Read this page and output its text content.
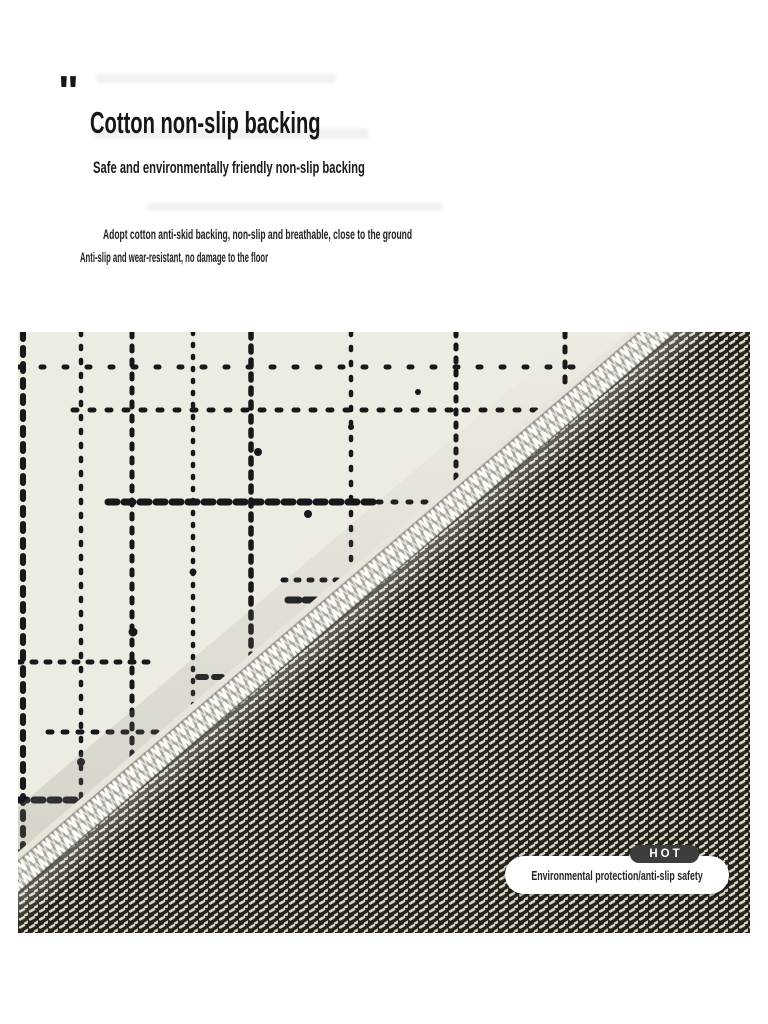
"
Cotton non-slip backing
Safe and environmentally friendly non-slip backing

Adopt cotton anti-skid backing, non-slip and breathable, close to the ground

Anti-slip and wear-resistant, no damage to the floor

Environmental protection/anti-slip safety
HOT
